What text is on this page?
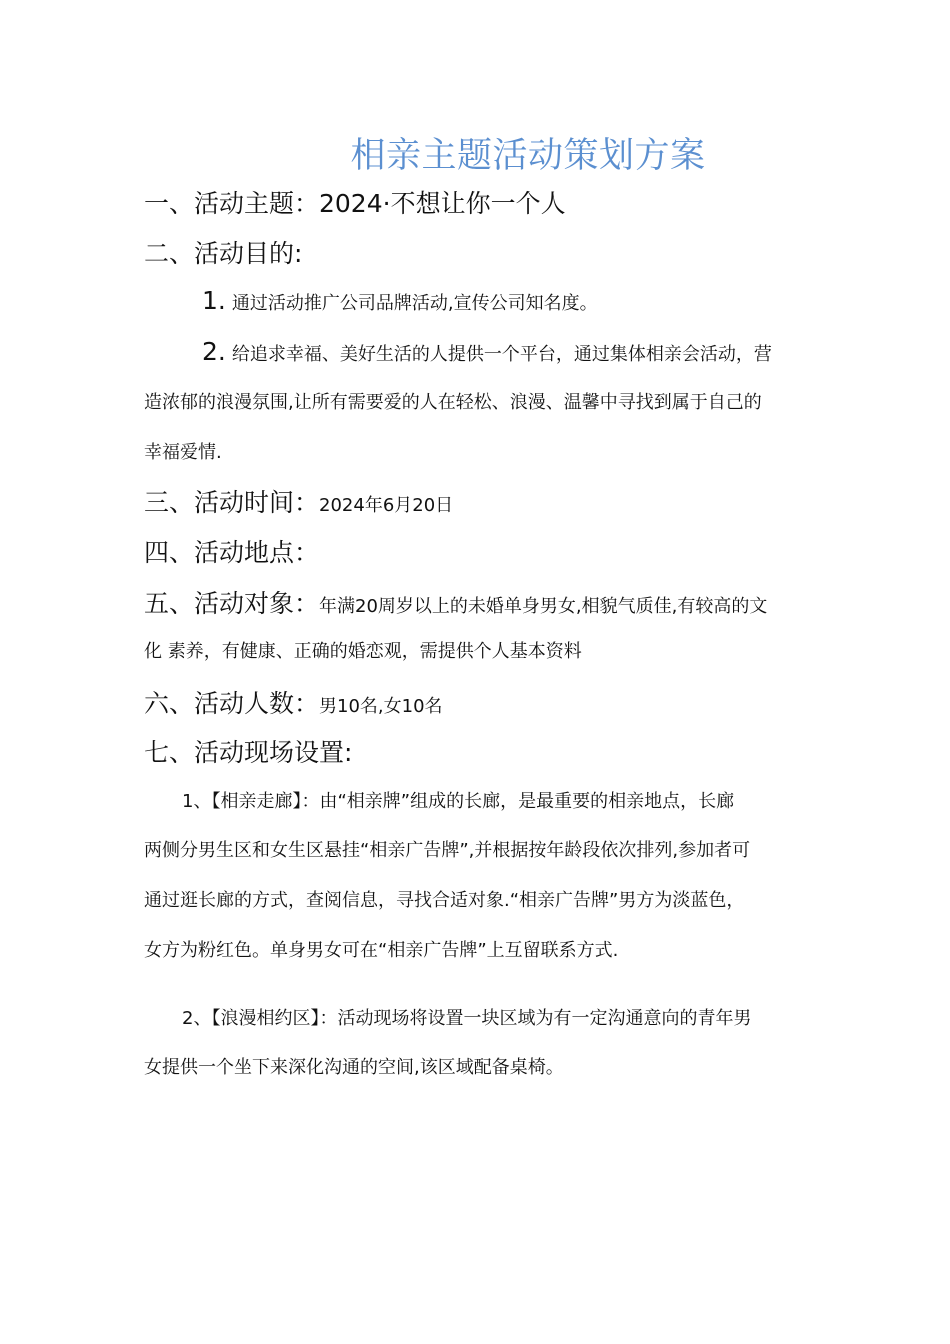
相亲主题活动策划方案
一、活动主题：2024·不想让你一个人
二、活动目的:
1. 通过活动推广公司品牌活动,宣传公司知名度。
2. 给追求幸福、美好生活的人提供一个平台，通过集体相亲会活动，营
造浓郁的浪漫氛围,让所有需要爱的人在轻松、浪漫、温馨中寻找到属于自己的
幸福爱情.
三、活动时间：2024年6月20日
四、活动地点：
五、活动对象：年满20周岁以上的未婚单身男女,相貌气质佳,有较高的文
化 素养，有健康、正确的婚恋观，需提供个人基本资料
六、活动人数：男10名,女10名
七、活动现场设置:
1、【相亲走廊】：由“相亲牌”组成的长廊，是最重要的相亲地点，长廊
两侧分男生区和女生区悬挂“相亲广告牌”,并根据按年龄段依次排列,参加者可
通过逛长廊的方式，查阅信息，寻找合适对象.“相亲广告牌”男方为淡蓝色，
女方为粉红色。单身男女可在“相亲广告牌”上互留联系方式.
2、【浪漫相约区】：活动现场将设置一块区域为有一定沟通意向的青年男
女提供一个坐下来深化沟通的空间,该区域配备桌椅。
